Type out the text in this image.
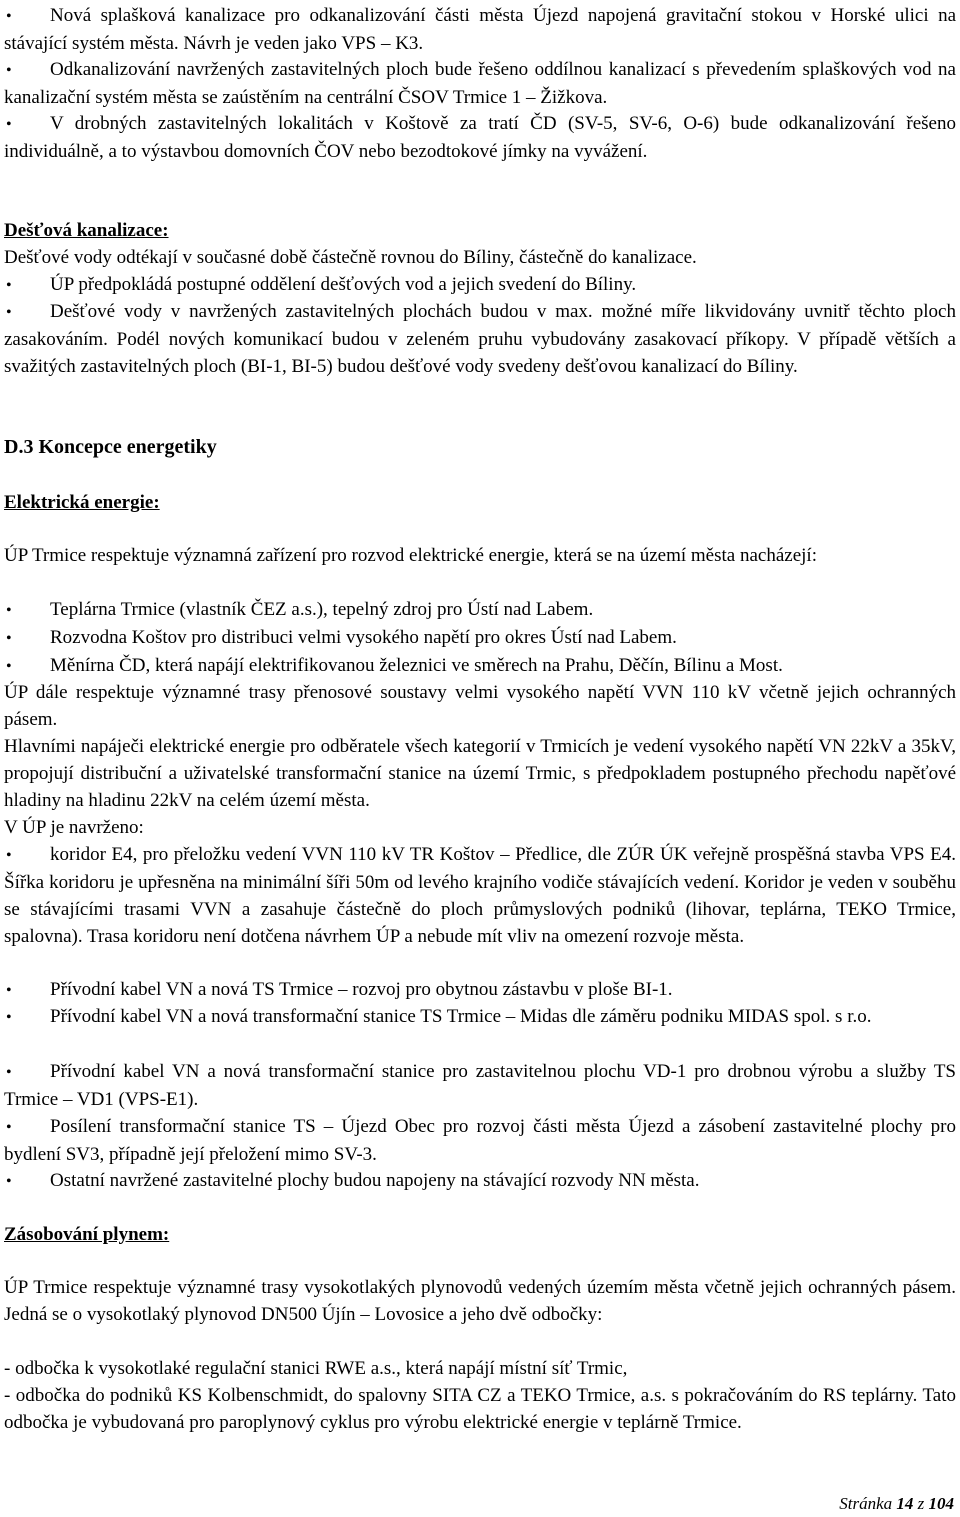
•Nová splašková kanalizace pro odkanalizování části města Újezd napojená gravitační stokou v Horské ulici na stávající systém města. Návrh je veden jako VPS – K3.

•Odkanalizování navržených zastavitelných ploch bude řešeno oddílnou kanalizací s převedením splaškových vod na kanalizační systém města se zaústěním na centrální ČSOV Trmice 1 – Žižkova.

•V drobných zastavitelných lokalitách v Koštově za tratí ČD (SV-5, SV-6, O-6) bude odkanalizování řešeno individuálně, a to výstavbou domovních ČOV nebo bezodtokové jímky na vyvážení.

Dešťová kanalizace:

Dešťové vody odtékají v současné době částečně rovnou do Bíliny, částečně do kanalizace.

•ÚP předpokládá postupné oddělení dešťových vod a jejich svedení do Bíliny.

•Dešťové vody v navržených zastavitelných plochách budou v max. možné míře likvidovány uvnitř těchto ploch zasakováním. Podél nových komunikací budou v zeleném pruhu vybudovány zasakovací příkopy. V případě větších a svažitých zastavitelných ploch (BI-1, BI-5) budou dešťové vody svedeny dešťovou kanalizací do Bíliny.

D.3 Koncepce energetiky

Elektrická energie:

ÚP Trmice respektuje významná zařízení pro rozvod elektrické energie, která se na území města nacházejí:

•Teplárna Trmice (vlastník ČEZ a.s.), tepelný zdroj pro Ústí nad Labem.

•Rozvodna Koštov pro distribuci velmi vysokého napětí pro okres Ústí nad Labem.

•Měnírna ČD, která napájí elektrifikovanou železnici ve směrech na Prahu, Děčín, Bílinu a Most.

ÚP dále respektuje významné trasy přenosové soustavy velmi vysokého napětí VVN 110 kV včetně jejich ochranných pásem.

Hlavními napáječi elektrické energie pro odběratele všech kategorií v Trmicích je vedení vysokého napětí VN 22kV a 35kV, propojují distribuční a uživatelské transformační stanice na území Trmic, s předpokladem postupného přechodu napěťové hladiny na hladinu 22kV na celém území města.

V ÚP je navrženo:

•koridor E4, pro přeložku vedení VVN 110 kV TR Koštov – Předlice, dle ZÚR ÚK veřejně prospěšná stavba VPS E4. Šířka koridoru je upřesněna na minimální šíři 50m od levého krajního vodiče stávajících vedení. Koridor je veden v souběhu se stávajícími trasami VVN a zasahuje částečně do ploch průmyslových podniků (lihovar, teplárna, TEKO Trmice, spalovna). Trasa koridoru není dotčena návrhem ÚP a nebude mít vliv na omezení rozvoje města.

•Přívodní kabel VN a nová TS Trmice – rozvoj pro obytnou zástavbu v ploše BI-1.

•Přívodní kabel VN a nová transformační stanice TS Trmice – Midas dle záměru podniku MIDAS spol. s r.o.

•Přívodní kabel VN a nová transformační stanice pro zastavitelnou plochu VD-1 pro drobnou výrobu a služby TS Trmice – VD1 (VPS-E1).

•Posílení transformační stanice TS – Újezd Obec pro rozvoj části města Újezd a zásobení zastavitelné plochy pro bydlení SV3, případně její přeložení mimo SV-3.

•Ostatní navržené zastavitelné plochy budou napojeny na stávající rozvody NN města.

Zásobování plynem:

ÚP Trmice respektuje významné trasy vysokotlakých plynovodů vedených územím města včetně jejich ochranných pásem. Jedná se o vysokotlaký plynovod DN500 Újín – Lovosice a jeho dvě odbočky:

- odbočka k vysokotlaké regulační stanici RWE a.s., která napájí místní síť Trmic,

- odbočka do podniků KS Kolbenschmidt, do spalovny SITA CZ a TEKO Trmice, a.s. s pokračováním do RS teplárny. Tato odbočka je vybudovaná pro paroplynový cyklus pro výrobu elektrické energie v teplárně Trmice.

Stránka 14 z 104
